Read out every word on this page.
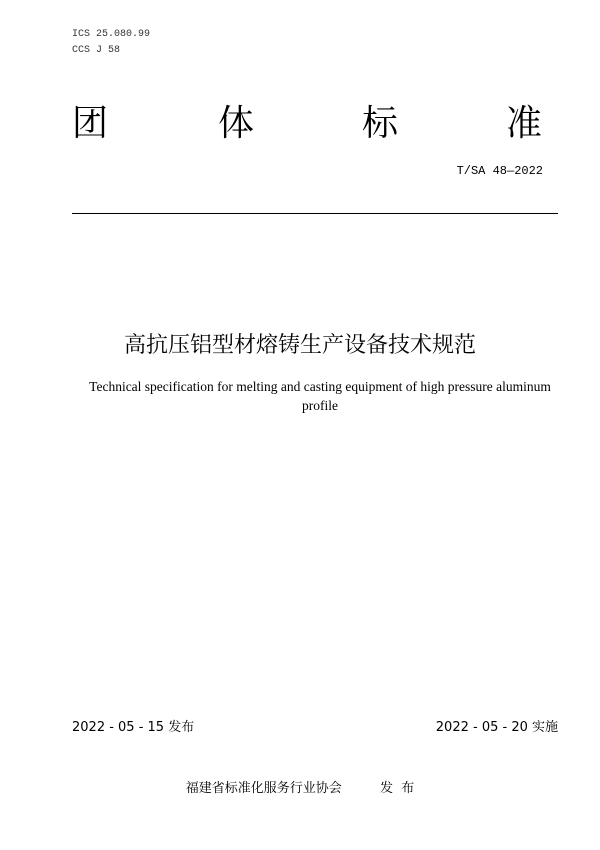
ICS 25.080.99
CCS J 58
团	体	标	准
T/SA 48—2022
高抗压铝型材熔铸生产设备技术规范
Technical specification for melting and casting equipment of high pressure aluminum
profile
2022 - 05 - 15 发布	2022 - 05 - 20 实施
福建省标准化服务行业协会	发  布
